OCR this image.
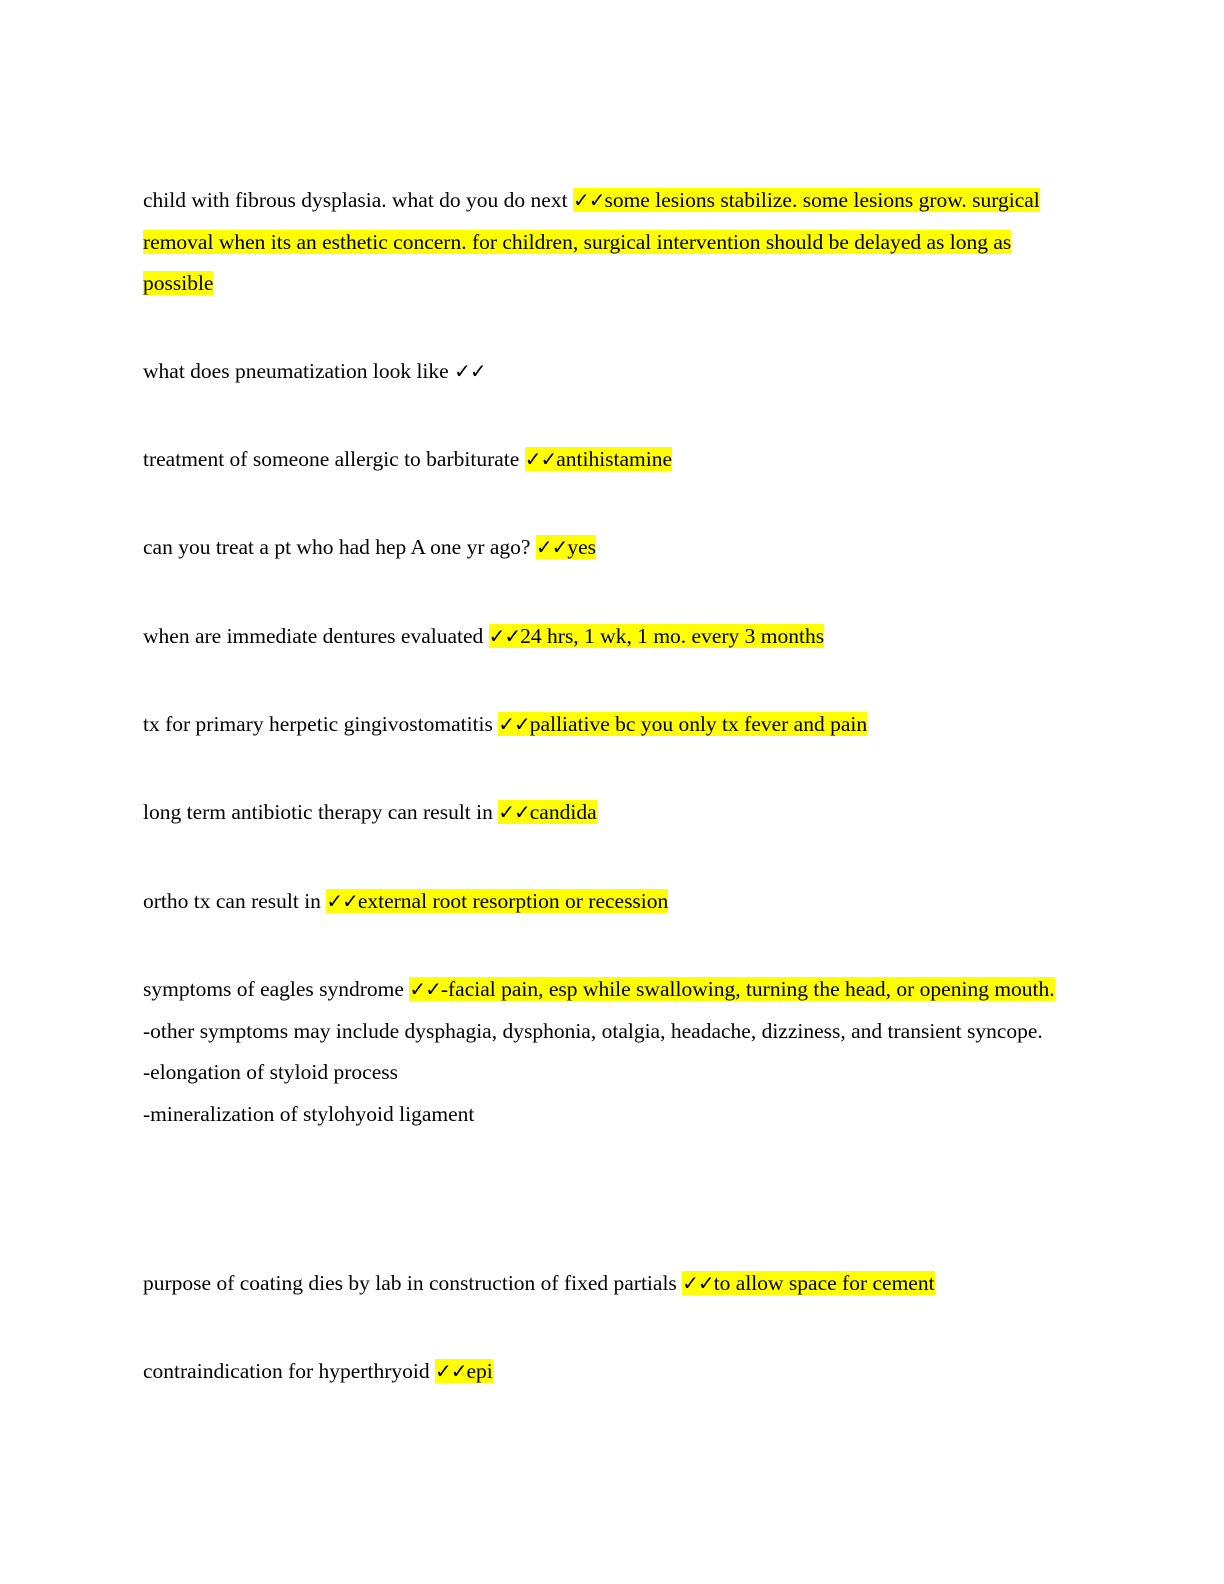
child with fibrous dysplasia. what do you do next ✓✓some lesions stabilize. some lesions grow. surgical removal when its an esthetic concern. for children, surgical intervention should be delayed as long as possible

what does pneumatization look like ✓✓

treatment of someone allergic to barbiturate ✓✓antihistamine

can you treat a pt who had hep A one yr ago? ✓✓yes

when are immediate dentures evaluated ✓✓24 hrs, 1 wk, 1 mo. every 3 months

tx for primary herpetic gingivostomatitis ✓✓palliative bc you only tx fever and pain

long term antibiotic therapy can result in ✓✓candida

ortho tx can result in ✓✓external root resorption or recession

symptoms of eagles syndrome ✓✓-facial pain, esp while swallowing, turning the head, or opening mouth.
-other symptoms may include dysphagia, dysphonia, otalgia, headache, dizziness, and transient syncope.
-elongation of styloid process
-mineralization of stylohyoid ligament

purpose of coating dies by lab in construction of fixed partials ✓✓to allow space for cement

contraindication for hyperthryoid ✓✓epi
